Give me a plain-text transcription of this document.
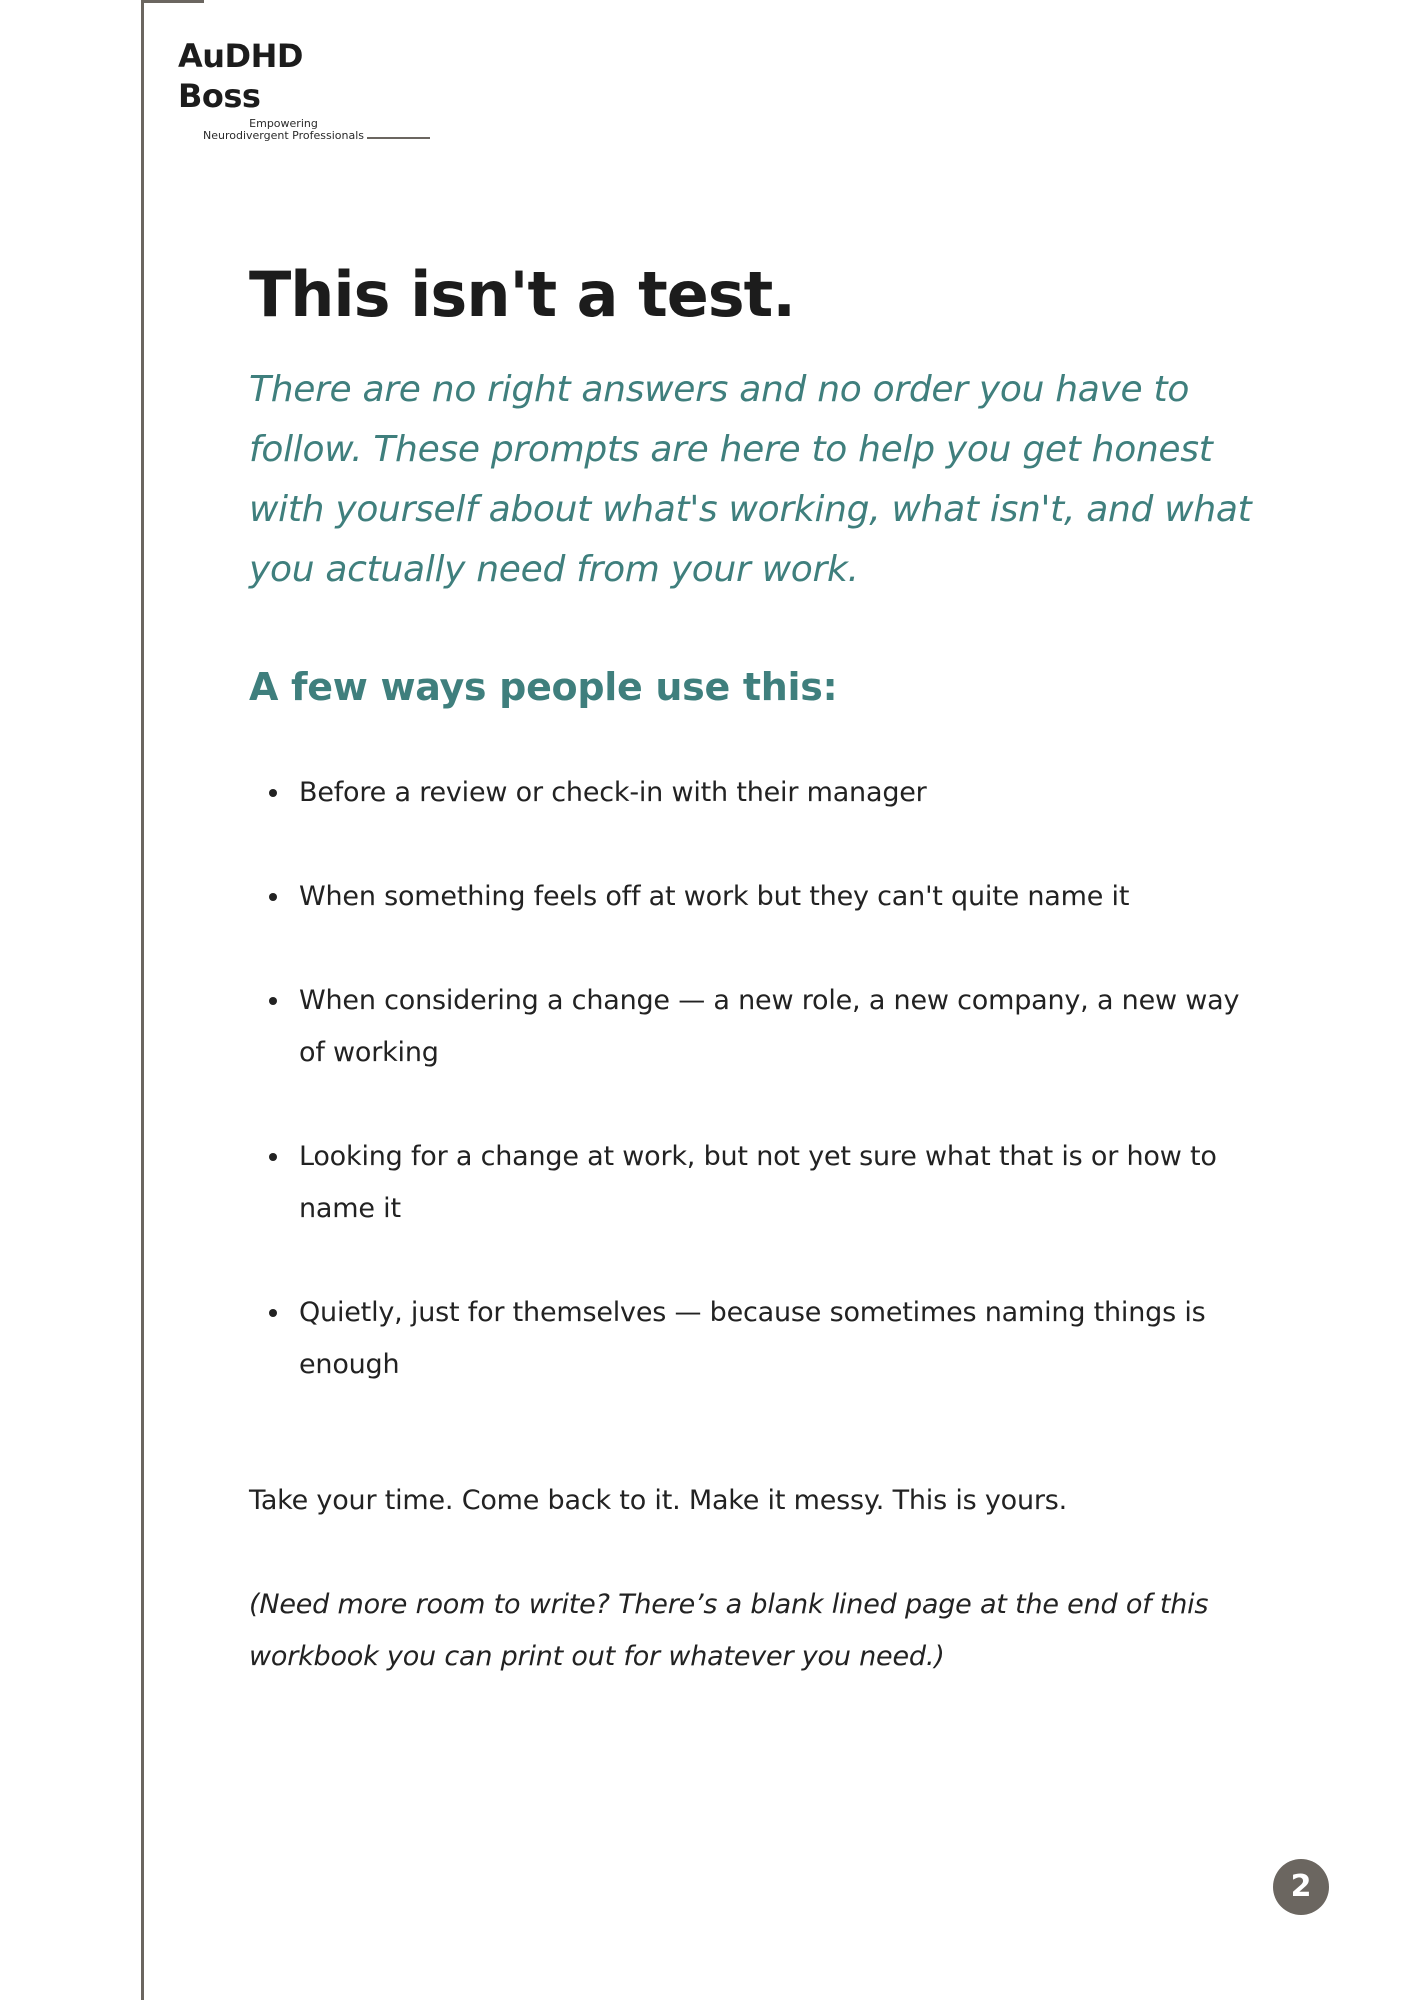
AuDHD Boss
Empowering
Neurodivergent Professionals
This isn't a test.

There are no right answers and no order you have to follow. These prompts are here to help you get honest with yourself about what's working, what isn't, and what you actually need from your work.

A few ways people use this:
Before a review or check-in with their manager
When something feels off at work but they can't quite name it
When considering a change — a new role, a new company, a new way of working
Looking for a change at work, but not yet sure what that is or how to name it
Quietly, just for themselves — because sometimes naming things is enough

Take your time. Come back to it. Make it messy. This is yours.

(Need more room to write? There’s a blank lined page at the end of this workbook you can print out for whatever you need.)

2
